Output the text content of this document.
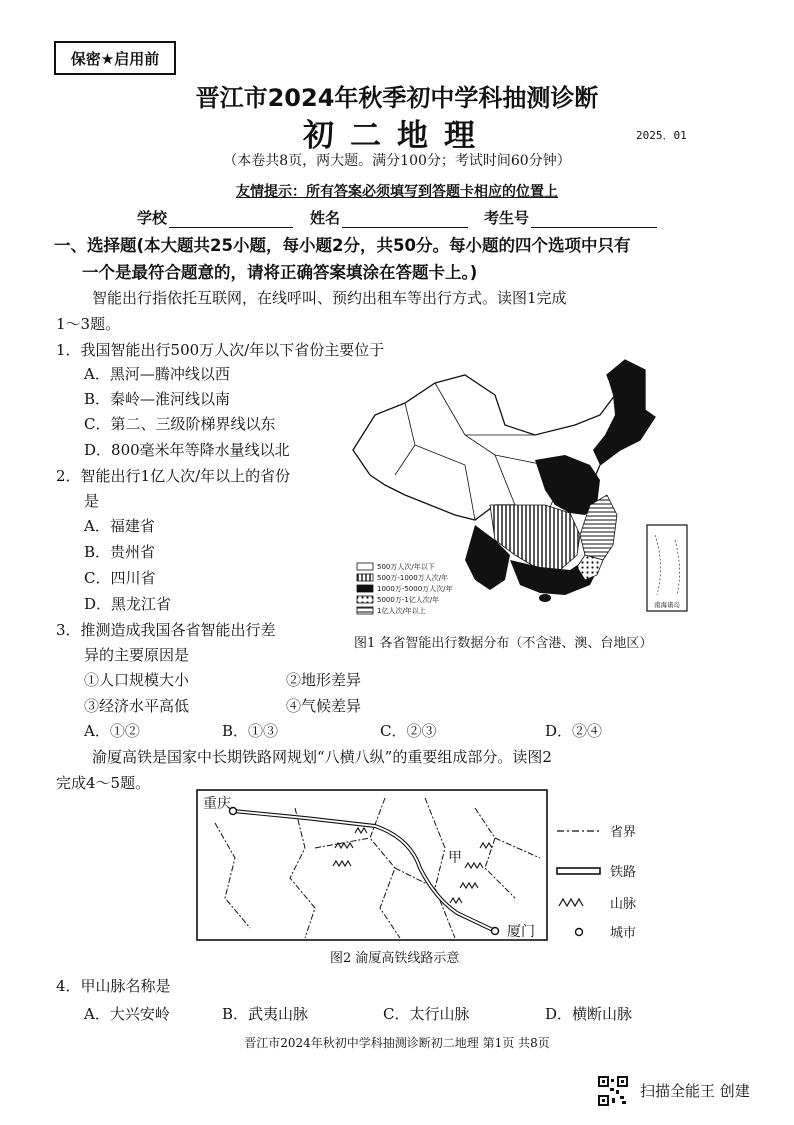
保密★启用前
晋江市2024年秋季初中学科抽测诊断
初二地理	2025．01
（本卷共8页，两大题。满分100分；考试时间60分钟）
友情提示：所有答案必须填写到答题卡相应的位置上
学校	姓名	考生号
一、选择题(本大题共25小题，每小题2分，共50分。每小题的四个选项中只有
一个是最符合题意的，请将正确答案填涂在答题卡上。)
智能出行指依托互联网，在线呼叫、预约出租车等出行方式。读图1完成
1～3题。
1．我国智能出行500万人次/年以下省份主要位于
A．黑河—腾冲线以西
B．秦岭—淮河线以南
C．第二、三级阶梯界线以东
D．800毫米年等降水量线以北
2．智能出行1亿人次/年以上的省份
是
A．福建省
B．贵州省
C．四川省
D．黑龙江省
3．推测造成我国各省智能出行差
异的主要原因是
①人口规模大小	②地形差异
③经济水平高低	④气候差异
A．①②	B．①③	C．②③	D．②④
500万人次/年以下
500万-1000万人次/年
1000万-5000万人次/年
5000万-1亿人次/年
1亿人次/年以上
南海诸岛
图1 各省智能出行数据分布（不含港、澳、台地区）
渝厦高铁是国家中长期铁路网规划“八横八纵”的重要组成部分。读图2
完成4～5题。
重庆
厦门
甲
省界
铁路
山脉
城市
图2 渝厦高铁线路示意
4．甲山脉名称是
A．大兴安岭	B．武夷山脉	C．太行山脉	D．横断山脉
晋江市2024年秋初中学科抽测诊断初二地理 第1页 共8页
扫描全能王 创建
